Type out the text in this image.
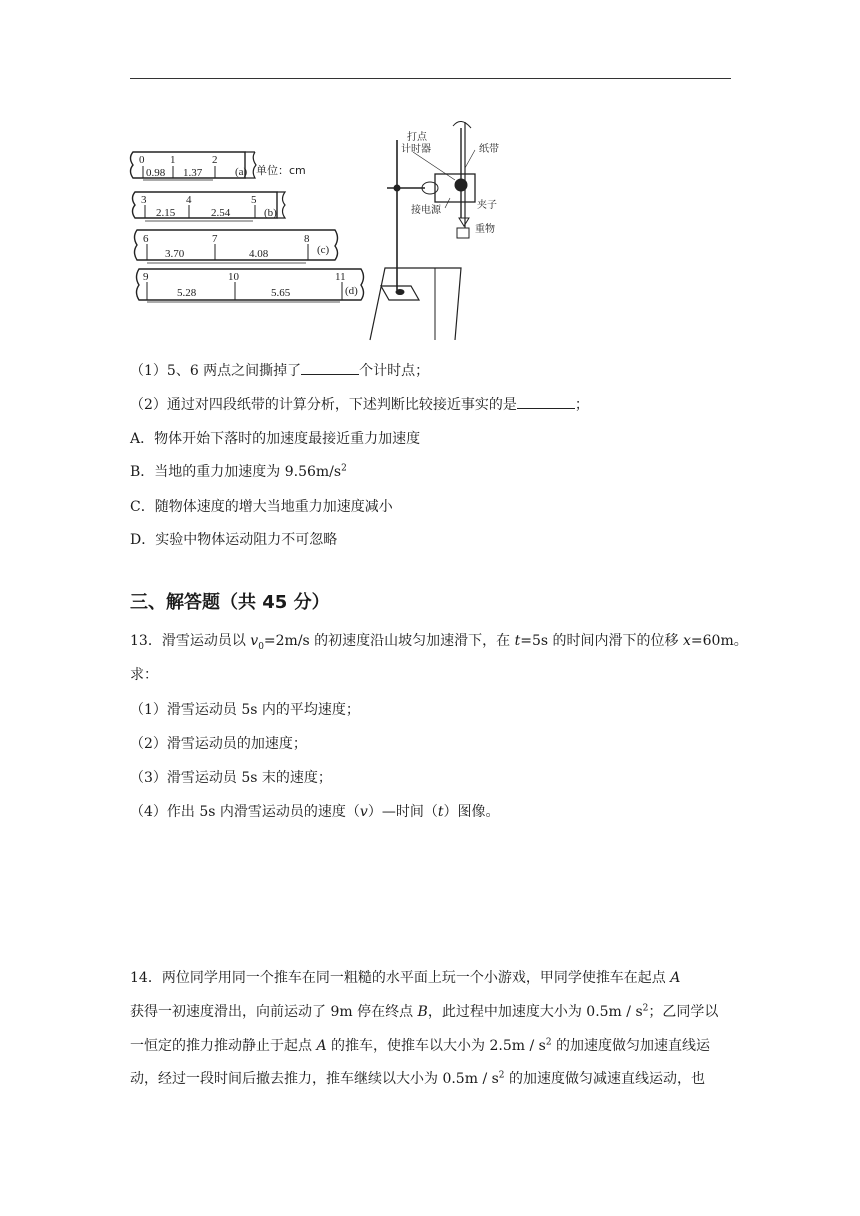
0 1	2
0.98 1.37	(a) 单位：cm
3	4	5
2.15	2.54	(b)
6	7	8
3.70	4.08	(c)
9	10	11
5.28	5.65	(d)
打点
计时器	纸带
接电源	夹子
重物
（1）5、6 两点之间撕掉了	个计时点；
（2）通过对四段纸带的计算分析，下述判断比较接近事实的是	；
A．物体开始下落时的加速度最接近重力加速度
B．当地的重力加速度为 $9.56m/s^2$
C．随物体速度的增大当地重力加速度减小
D．实验中物体运动阻力不可忽略
三、解答题（共 45 分）
13．滑雪运动员以 $v_0=2m/s$ 的初速度沿山坡匀加速滑下，在 t=5s 的时间内滑下的位移 x=60m。
求：
（1）滑雪运动员 5s 内的平均速度；
（2）滑雪运动员的加速度；
（3）滑雪运动员 5s 末的速度；
（4）作出 5s 内滑雪运动员的速度（v）—时间（t）图像。
14．两位同学用同一个推车在同一粗糙的水平面上玩一个小游戏，甲同学使推车在起点 A
获得一初速度滑出，向前运动了 9m 停在终点 B，此过程中加速度大小为 $0.5m / s^2$；乙同学以
一恒定的推力推动静止于起点 A 的推车，使推车以大小为 $2.5m / s^2$ 的加速度做匀加速直线运
动，经过一段时间后撤去推力，推车继续以大小为 $0.5m / s^2$ 的加速度做匀减速直线运动，也
